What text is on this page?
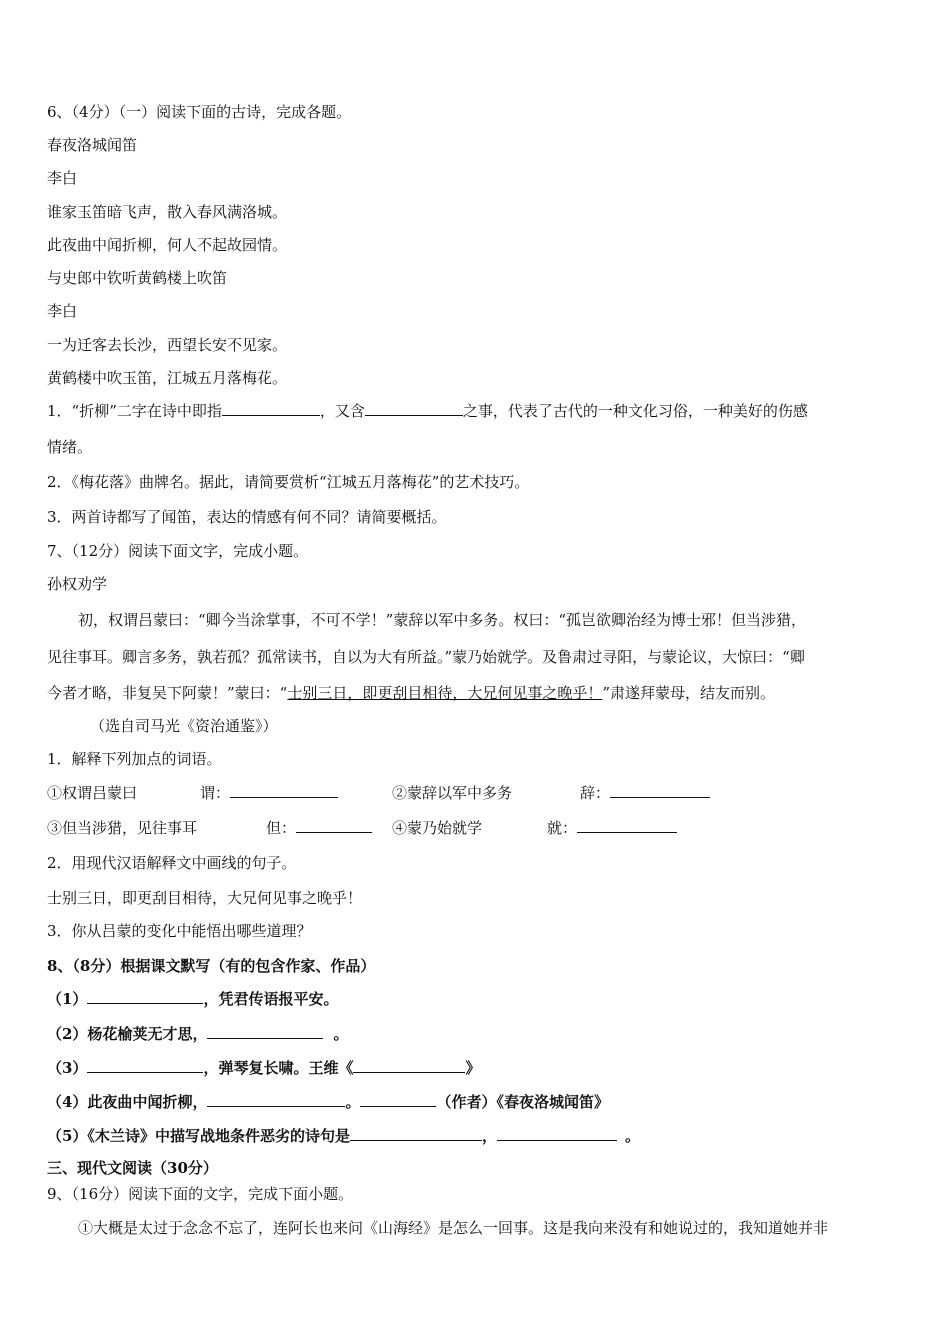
6、（4分）（一）阅读下面的古诗，完成各题。
春夜洛城闻笛
李白
谁家玉笛暗飞声，散入春风满洛城。
此夜曲中闻折柳，何人不起故园情。
与史郎中钦听黄鹤楼上吹笛
李白
一为迁客去长沙，西望长安不见家。
黄鹤楼中吹玉笛，江城五月落梅花。
1．“折柳”二字在诗中即指	，又含	之事，代表了古代的一种文化习俗，一种美好的伤感
情绪。
2．《梅花落》曲牌名。据此，请简要赏析“江城五月落梅花”的艺术技巧。
3．两首诗都写了闻笛，表达的情感有何不同？请简要概括。
7、（12分）阅读下面文字，完成小题。
孙权劝学
初，权谓吕蒙曰：“卿今当涂掌事，不可不学！”蒙辞以军中多务。权曰：“孤岂欲卿治经为博士邪！但当涉猎，
见往事耳。卿言多务，孰若孤？孤常读书，自以为大有所益。”蒙乃始就学。及鲁肃过寻阳，与蒙论议，大惊曰：“卿
今者才略，非复吴下阿蒙！”蒙曰：“士别三日，即更刮目相待，大兄何见事之晚乎！”肃遂拜蒙母，结友而别。
（选自司马光《资治通鉴》）
1．解释下列加点的词语。
①权谓吕蒙曰	谓：	②蒙辞以军中多务	辞：
③但当涉猎，见往事耳	但：	④蒙乃始就学	就：
2．用现代汉语解释文中画线的句子。
士别三日，即更刮目相待，大兄何见事之晚乎！
3．你从吕蒙的变化中能悟出哪些道理？
8、（8分）根据课文默写（有的包含作家、作品）
（1）	，凭君传语报平安。
（2）杨花榆荚无才思，	。
（3）	，弹琴复长啸。王维《	》
（4）此夜曲中闻折柳，	。	（作者）《春夜洛城闻笛》
（5）《木兰诗》中描写战地条件恶劣的诗句是	，	。
三、现代文阅读（30分）
9、（16分）阅读下面的文字，完成下面小题。
①大概是太过于念念不忘了，连阿长也来问《山海经》是怎么一回事。这是我向来没有和她说过的，我知道她并非
